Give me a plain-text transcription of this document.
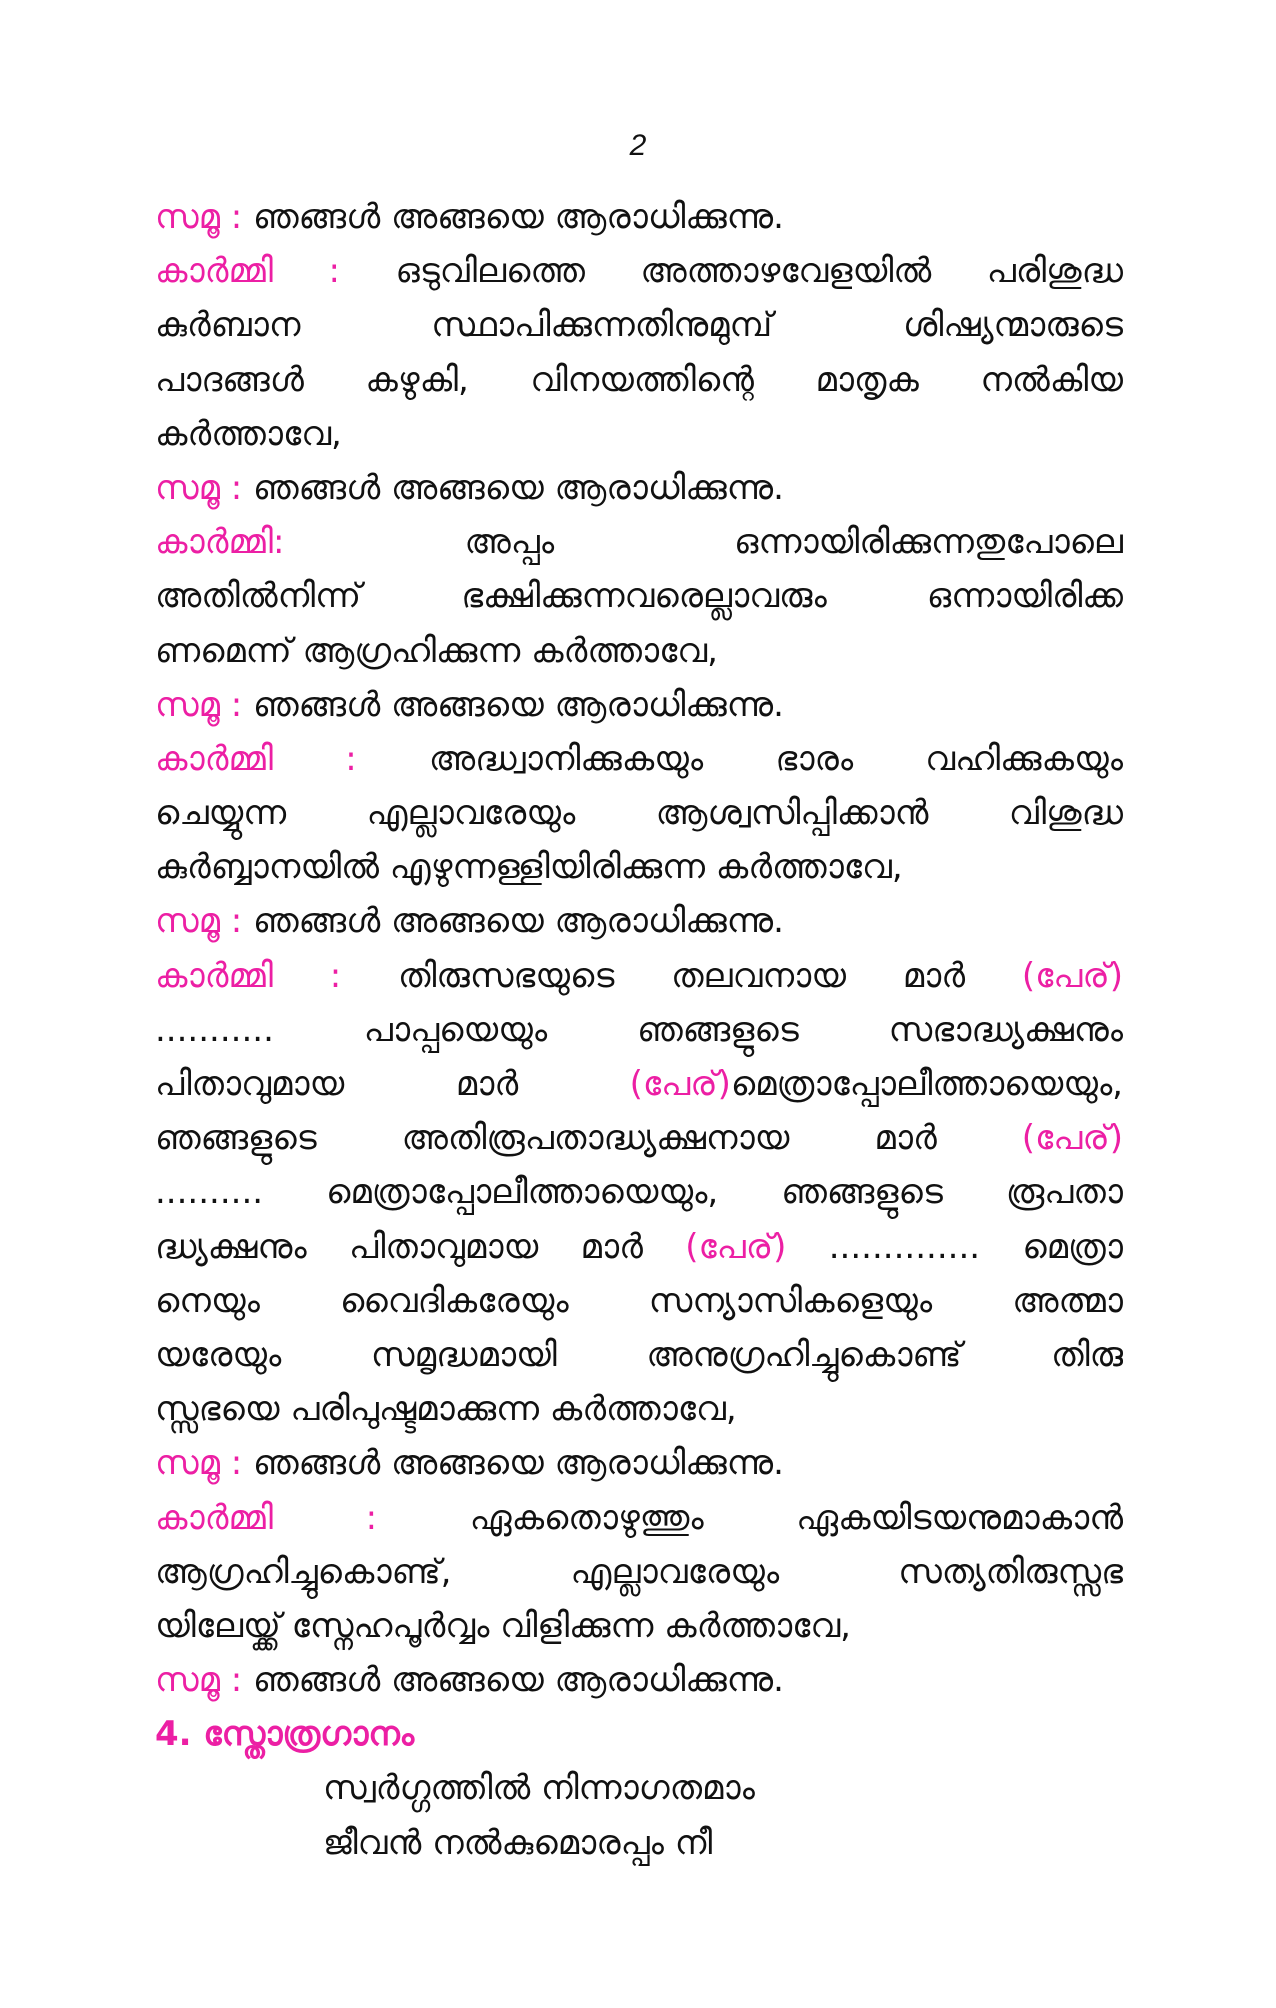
2
സമൂ : ഞങ്ങൾ അങ്ങയെ ആരാധിക്കുന്നു.
കാർമ്മി : ഒടുവിലത്തെ അത്താഴവേളയിൽ പരിശുദ്ധ
കുർബാന സ്ഥാപിക്കുന്നതിനുമുമ്പ് ശിഷ്യന്മാരുടെ
പാദങ്ങൾ കഴുകി, വിനയത്തിന്റെ മാതൃക നൽകിയ
കർത്താവേ,
സമൂ : ഞങ്ങൾ അങ്ങയെ ആരാധിക്കുന്നു.
കാർമ്മി: അപ്പം ഒന്നായിരിക്കുന്നതുപോലെ
അതിൽനിന്ന് ഭക്ഷിക്കുന്നവരെല്ലാവരും ഒന്നായിരിക്ക
ണമെന്ന് ആഗ്രഹിക്കുന്ന കർത്താവേ,
സമൂ : ഞങ്ങൾ അങ്ങയെ ആരാധിക്കുന്നു.
കാർമ്മി : അദ്ധ്വാനിക്കുകയും ഭാരം വഹിക്കുകയും
ചെയ്യുന്ന എല്ലാവരേയും ആശ്വസിപ്പിക്കാൻ വിശുദ്ധ
കുർബ്ബാനയിൽ എഴുന്നള്ളിയിരിക്കുന്ന കർത്താവേ,
സമൂ : ഞങ്ങൾ അങ്ങയെ ആരാധിക്കുന്നു.
കാർമ്മി : തിരുസഭയുടെ തലവനായ മാർ (പേര്)
........... പാപ്പയെയും ഞങ്ങളുടെ സഭാദ്ധ്യക്ഷനും
പിതാവുമായ മാർ	(പേര്)മെത്രാപ്പോലീത്തായെയും,
ഞങ്ങളുടെ അതിരൂപതാദ്ധ്യക്ഷനായ മാർ	(പേര്)
.......... മെത്രാപ്പോലീത്തായെയും, ഞങ്ങളുടെ രൂപതാ
ദ്ധ്യക്ഷനും പിതാവുമായ മാർ (പേര്) .............. മെത്രാ
നെയും വൈദികരേയും സന്യാസികളെയും അത്മാ
യരേയും സമൃദ്ധമായി അനുഗ്രഹിച്ചുകൊണ്ട് തിരു
സ്സഭയെ പരിപുഷ്ടമാക്കുന്ന കർത്താവേ,
സമൂ : ഞങ്ങൾ അങ്ങയെ ആരാധിക്കുന്നു.
കാർമ്മി : ഏകതൊഴുത്തും ഏകയിടയനുമാകാൻ
ആഗ്രഹിച്ചുകൊണ്ട്, എല്ലാവരേയും സത്യതിരുസ്സഭ
യിലേയ്ക്ക് സ്നേഹപൂർവ്വം വിളിക്കുന്ന കർത്താവേ,
സമൂ : ഞങ്ങൾ അങ്ങയെ ആരാധിക്കുന്നു.
4. സ്തോത്രഗാനം
സ്വർഗ്ഗത്തിൽ നിന്നാഗതമാം
ജീവൻ നൽകുമൊരപ്പം നീ
